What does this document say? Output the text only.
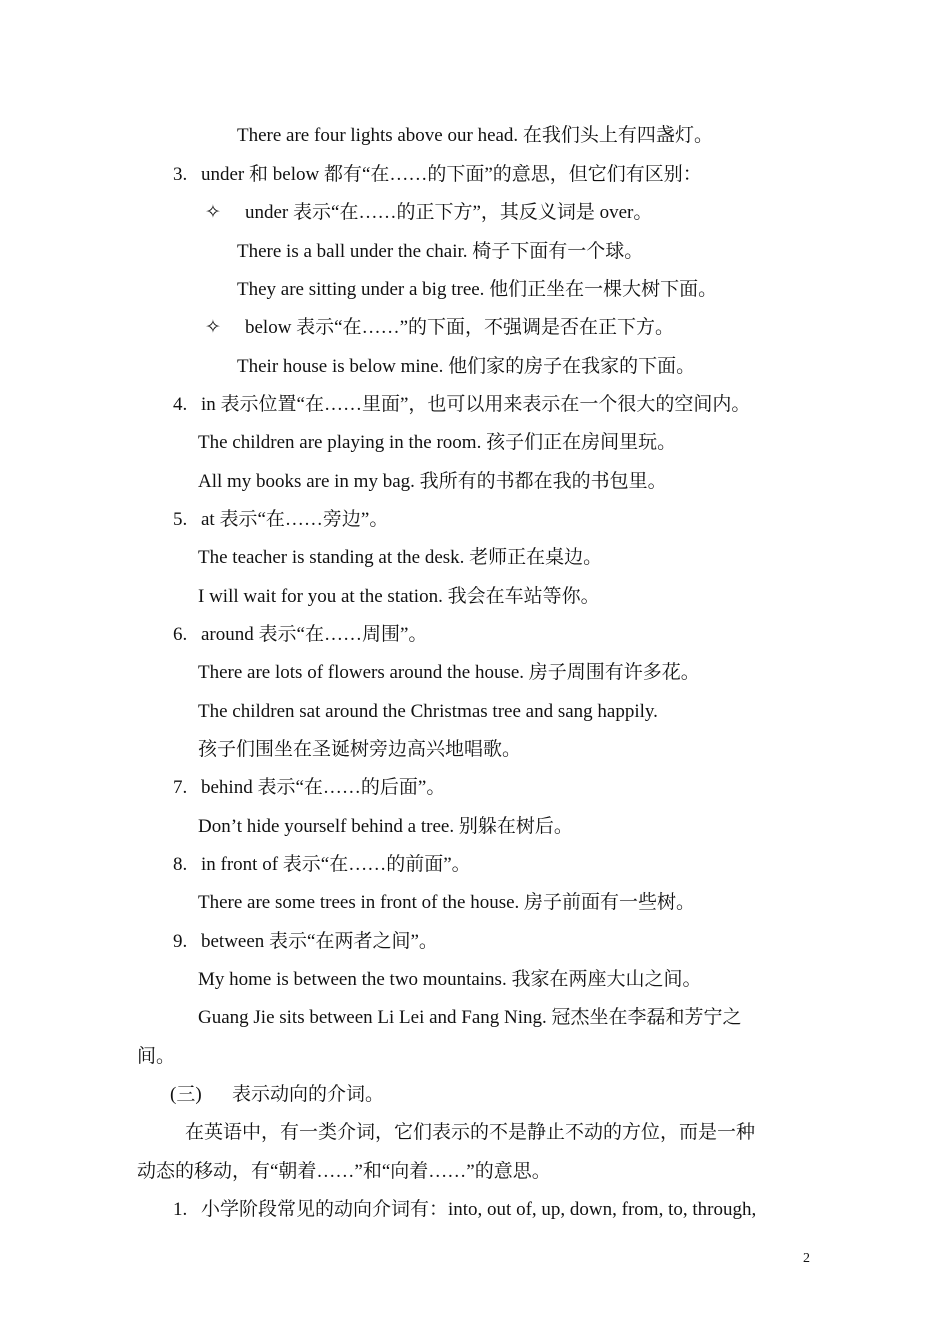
There are four lights above our head. 在我们头上有四盏灯。
3. under 和 below 都有“在……的下面”的意思，但它们有区别：
✧ under 表示“在……的正下方”，其反义词是 over。
There is a ball under the chair. 椅子下面有一个球。
They are sitting under a big tree. 他们正坐在一棵大树下面。
✧ below 表示“在……”的下面，不强调是否在正下方。
Their house is below mine. 他们家的房子在我家的下面。
4. in 表示位置“在……里面”，也可以用来表示在一个很大的空间内。
The children are playing in the room. 孩子们正在房间里玩。
All my books are in my bag. 我所有的书都在我的书包里。
5. at 表示“在……旁边”。
The teacher is standing at the desk. 老师正在桌边。
I will wait for you at the station. 我会在车站等你。
6. around 表示“在……周围”。
There are lots of flowers around the house. 房子周围有许多花。
The children sat around the Christmas tree and sang happily.
孩子们围坐在圣诞树旁边高兴地唱歌。
7. behind 表示“在……的后面”。
Don’t hide yourself behind a tree. 别躲在树后。
8. in front of 表示“在……的前面”。
There are some trees in front of the house. 房子前面有一些树。
9. between 表示“在两者之间”。
My home is between the two mountains. 我家在两座大山之间。
Guang Jie sits between Li Lei and Fang Ning. 冠杰坐在李磊和芳宁之
间。
(三) 表示动向的介词。
在英语中，有一类介词，它们表示的不是静止不动的方位，而是一种
动态的移动，有“朝着……”和“向着……”的意思。
1. 小学阶段常见的动向介词有：into, out of, up, down, from, to, through,
2
